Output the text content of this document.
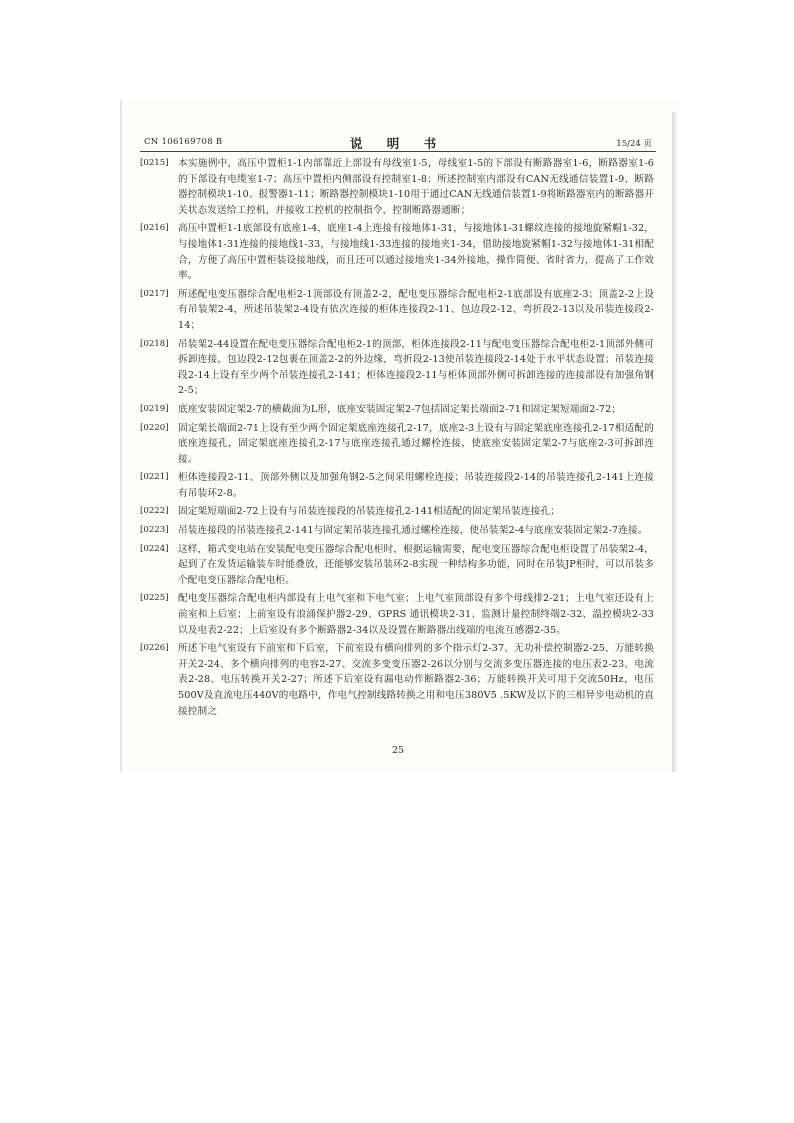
CN 106169708 B	说 明 书	15/24 页
[0215] 本实施例中，高压中置柜1-1内部靠近上部设有母线室1-5，母线室1-5的下部设有断路器室1-6，断路器室1-6的下部设有电缆室1-7；高压中置柜内侧部设有控制室1-8；所述控制室内部设有CAN无线通信装置1-9、断路器控制模块1-10、报警器1-11；断路器控制模块1-10用于通过CAN无线通信装置1-9将断路器室内的断路器开关状态发送给工控机，并接收工控机的控制指令，控制断路器通断；
[0216] 高压中置柜1-1底部设有底座1-4，底座1-4上连接有接地体1-31，与接地体1-31螺纹连接的接地旋紧帽1-32，与接地体1-31连接的接地线1-33，与接地线1-33连接的接地夹1-34，借助接地旋紧帽1-32与接地体1-31相配合，方便了高压中置柜装设接地线，而且还可以通过接地夹1-34外接地，操作简便、省时省力，提高了工作效率。
[0217] 所述配电变压器综合配电柜2-1顶部设有顶盖2-2，配电变压器综合配电柜2-1底部设有底座2-3；顶盖2-2上设有吊装架2-4，所述吊装架2-4设有依次连接的柜体连接段2-11、包边段2-12、弯折段2-13以及吊装连接段2-14；
[0218] 吊装架2-44设置在配电变压器综合配电柜2-1的顶部，柜体连接段2-11与配电变压器综合配电柜2-1顶部外侧可拆卸连接，包边段2-12包裹在顶盖2-2的外边缘，弯折段2-13使吊装连接段2-14处于水平状态设置；吊装连接段2-14上设有至少两个吊装连接孔2-141；柜体连接段2-11与柜体顶部外侧可拆卸连接的连接部设有加强角钢2-5；
[0219] 底座安装固定架2-7的横截面为L形，底座安装固定架2-7包括固定架长端面2-71和固定架短端面2-72；
[0220] 固定架长端面2-71上设有至少两个固定架底座连接孔2-17，底座2-3上设有与固定架底座连接孔2-17相适配的底座连接孔，固定架底座连接孔2-17与底座连接孔通过螺栓连接，使底座安装固定架2-7与底座2-3可拆卸连接。
[0221] 柜体连接段2-11、顶部外侧以及加强角钢2-5之间采用螺栓连接；吊装连接段2-14的吊装连接孔2-141上连接有吊装环2-8。
[0222] 固定架短端面2-72上设有与吊装连接段的吊装连接孔2-141相适配的固定架吊装连接孔；
[0223] 吊装连接段的吊装连接孔2-141与固定架吊装连接孔通过螺栓连接，使吊装架2-4与底座安装固定架2-7连接。
[0224] 这样，箱式变电站在安装配电变压器综合配电柜时，根据运输需要，配电变压器综合配电柜设置了吊装架2-4，起到了在发货运输装车时能叠放，还能够安装吊装环2-8实现一种结构多功能，同时在吊装JP柜时，可以吊装多个配电变压器综合配电柜。
[0225] 配电变压器综合配电柜内部设有上电气室和下电气室；上电气室顶部设有多个母线排2-21；上电气室还设有上前室和上后室；上前室设有浪涌保护器2-29、GPRS 通讯模块2-31、监测计量控制终端2-32、温控模块2-33以及电表2-22；上后室设有多个断路器2-34以及设置在断路器出线端的电流互感器2-35。
[0226] 所述下电气室设有下前室和下后室，下前室设有横向排列的多个指示灯2-37、无功补偿控制器2-25、万能转换开关2-24、多个横向排列的电容2-27、交流多变变压器2-26以分别与交流多变压器连接的电压表2-23、电流表2-28、电压转换开关2-27；所述下后室设有漏电动作断路器2-36；万能转换开关可用于交流50Hz，电压500V及直流电压440V的电路中，作电气控制线路转换之用和电压380V5 .5KW及以下的三相异步电动机的直接控制之
25
